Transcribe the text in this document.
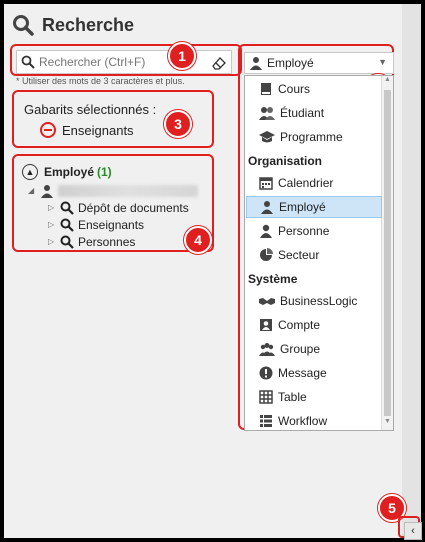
Recherche
Rechercher (Ctrl+F)
* Utiliser des mots de 3 caractères et plus.
1
Gabarits sélectionnés :
Enseignants	3
▲ Employé (1)
◢
▷	Dépôt de documents
▷	Enseignants
▷	Personnes	4
Employé	▼
▲
▼
Cours
Étudiant
Programme
Organisation
Calendrier
Employé
Personne
Secteur
Système
BusinessLogic
Compte
Groupe
Message
Table
Workflow
5
‹
